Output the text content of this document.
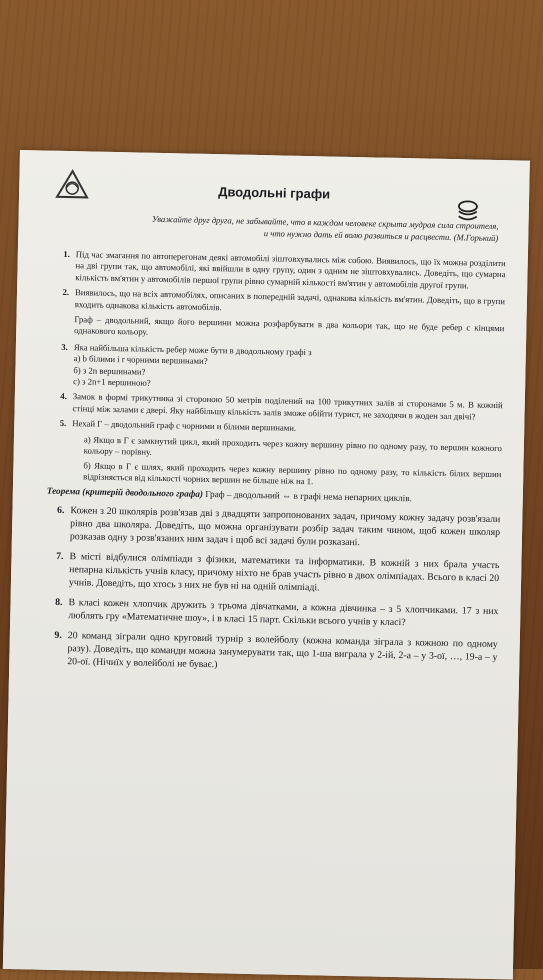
Дводольні графи
Уважайте друг друга, не забывайте, что в каждом человеке скрыта мудрая сила строителя,
и что нужно дать ей волю развиться и расцвести. (М.Горький)
1. Під час змагання по автоперегонам деякі автомобілі зіштовхувались між собою. Виявилось, що їх можна розділити на дві групи так, що автомобілі, які ввійшли в одну групу, один з одним не зіштовхувались. Доведіть, що сумарна кількість вм'ятин у автомобілів першої групи рівно сумарній кількості вм'ятин у автомобілів другої групи.
2. Виявилось, що на всіх автомобілях, описаних в попередній задачі, однакова кількість вм'ятин. Доведіть, що в групи входить однакова кількість автомобілів.
Граф – дводольний, якщо його вершини можна розфарбувати в два кольори так, що не буде ребер с кінцями однакового кольору.
3. Яка найбільша кількість ребер може бути в дводольному графі з
а) b білими і r чорними вершинами?
б) з 2n вершинами?
с) з 2n+1 вершиною?
4. Замок в формі трикутника зі стороною 50 метрів поділений на 100 трикутних залів зі сторонами 5 м. В кожній стінці між залами є двері. Яку найбільшу кількість залів зможе обійти турист, не заходячи в жоден зал двічі?
5. Нехай Г – дводольний граф с чорними и білими вершинами.
а) Якщо в Г є замкнутий цикл, який проходить через кожну вершину рівно по одному разу, то вершин кожного кольору – порівну.
б) Якщо в Г є шлях, який проходить через кожну вершину рівно по одному разу, то кількість білих вершин відрізняється від кількості чорних вершин не більше ніж на 1.
Теорема (критерій дводольного графа) Граф – дводольний ⇔ в графі нема непарних циклів.
6. Кожен з 20 школярів розв'язав дві з двадцяти запропонованих задач, причому кожну задачу розв'язали рівно два школяра. Доведіть, що можна організувати розбір задач таким чином, щоб кожен школяр розказав одну з розв'язаних ним задач і щоб всі задачі були розказані.
7. В місті відбулися олімпіади з фізики, математики та інформатики. В кожній з них брала участь непарна кількість учнів класу, причому ніхто не брав участь рівно в двох олімпіадах. Всього в класі 20 учнів. Доведіть, що хтось з них не був ні на одній олімпіаді.
8. В класі кожен хлопчик дружить з трьома дівчатками, а кожна дівчинка – з 5 хлопчиками. 17 з них люблять гру «Математичне шоу», і в класі 15 парт. Скільки всього учнів у класі?
9. 20 команд зіграли одно круговий турнір з волейболу (кожна команда зіграла з кожною по одному разу). Доведіть, що команди можна занумерувати так, що 1-ша виграла у 2-ій, 2-а – у 3-ої, …, 19-а – у 20-ої. (Нічиїх у волейболі не буває.)
